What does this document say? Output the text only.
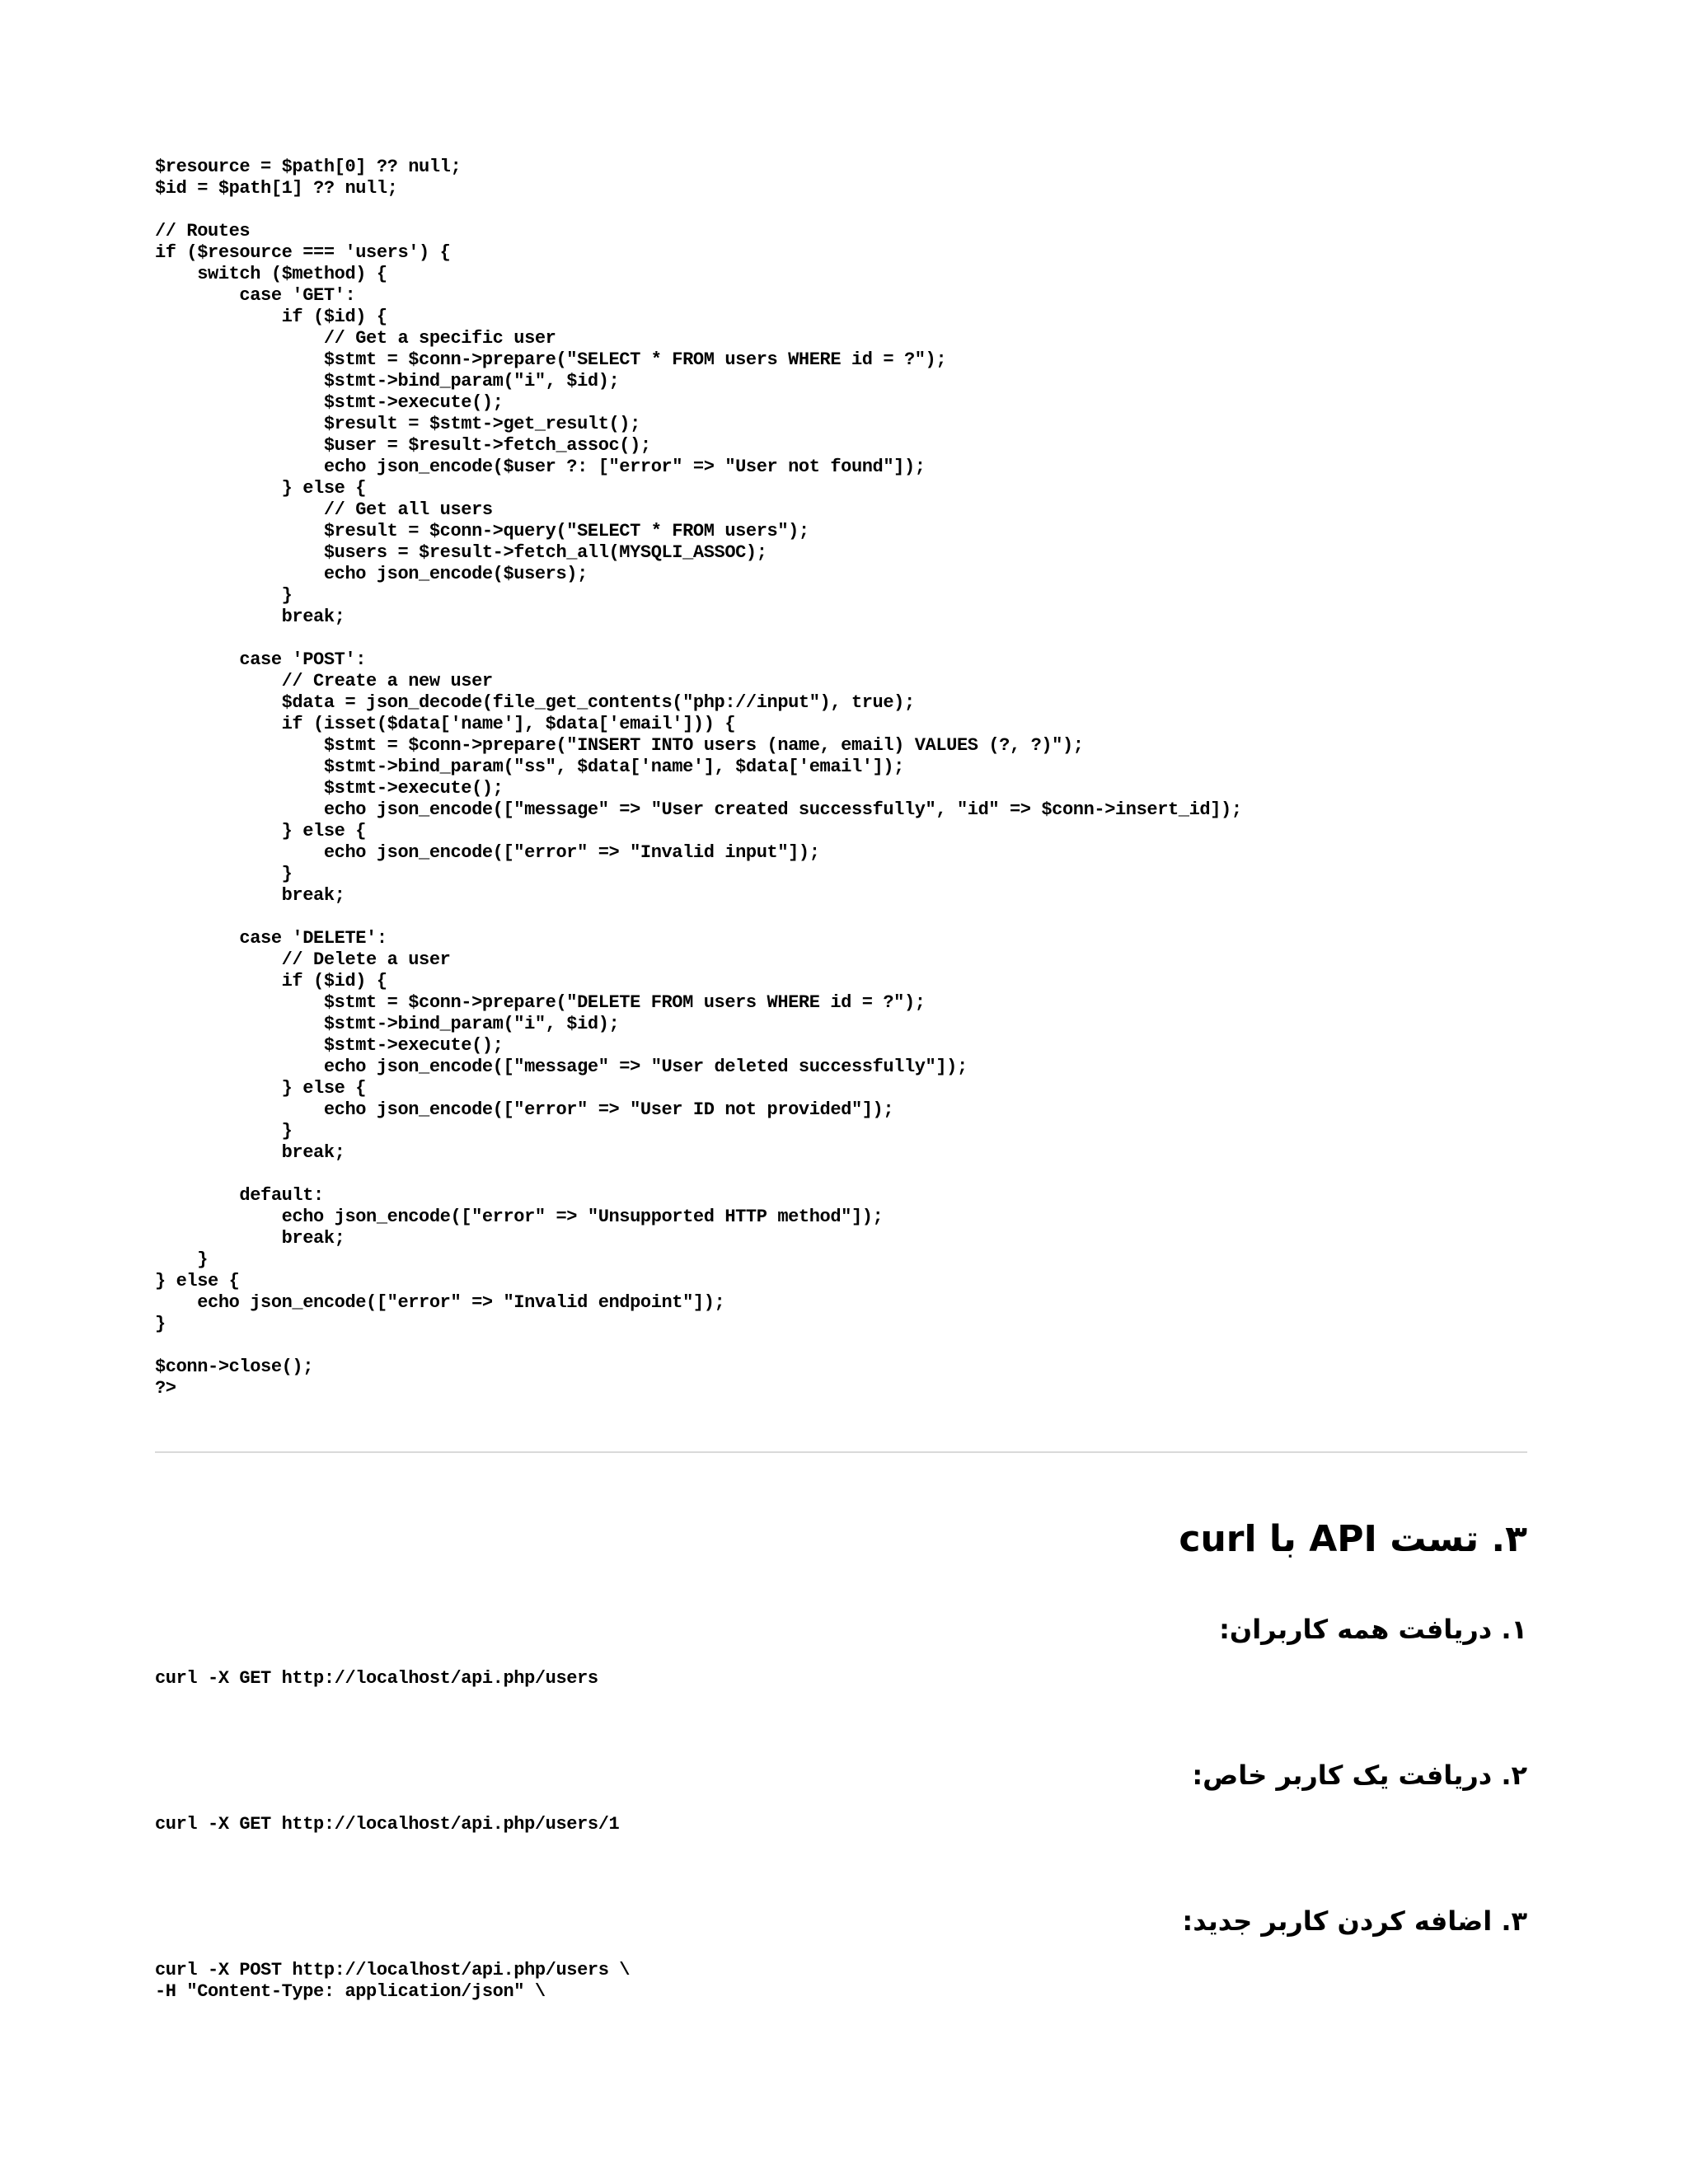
$resource = $path[0] ?? null;
$id = $path[1] ?? null;

// Routes
if ($resource === 'users') {
switch ($method) {
case 'GET':
if ($id) {
// Get a specific user
$stmt = $conn->prepare("SELECT * FROM users WHERE id = ?");
$stmt->bind_param("i", $id);
$stmt->execute();
$result = $stmt->get_result();
$user = $result->fetch_assoc();
echo json_encode($user ?: ["error" => "User not found"]);
} else {
// Get all users
$result = $conn->query("SELECT * FROM users");
$users = $result->fetch_all(MYSQLI_ASSOC);
echo json_encode($users);
}
break;

case 'POST':
// Create a new user
$data = json_decode(file_get_contents("php://input"), true);
if (isset($data['name'], $data['email'])) {
$stmt = $conn->prepare("INSERT INTO users (name, email) VALUES (?, ?)");
$stmt->bind_param("ss", $data['name'], $data['email']);
$stmt->execute();
echo json_encode(["message" => "User created successfully", "id" => $conn->insert_id]);
} else {
echo json_encode(["error" => "Invalid input"]);
}
break;

case 'DELETE':
// Delete a user
if ($id) {
$stmt = $conn->prepare("DELETE FROM users WHERE id = ?");
$stmt->bind_param("i", $id);
$stmt->execute();
echo json_encode(["message" => "User deleted successfully"]);
} else {
echo json_encode(["error" => "User ID not provided"]);
}
break;

default:
echo json_encode(["error" => "Unsupported HTTP method"]);
break;
}
} else {
echo json_encode(["error" => "Invalid endpoint"]);
}

$conn->close();
?>
۳. تست API با curl
۱. دریافت همه کاربران:
curl -X GET http://localhost/api.php/users
۲. دریافت یک کاربر خاص:
curl -X GET http://localhost/api.php/users/1
۳. اضافه کردن کاربر جدید:
curl -X POST http://localhost/api.php/users \
-H "Content-Type: application/json" \
